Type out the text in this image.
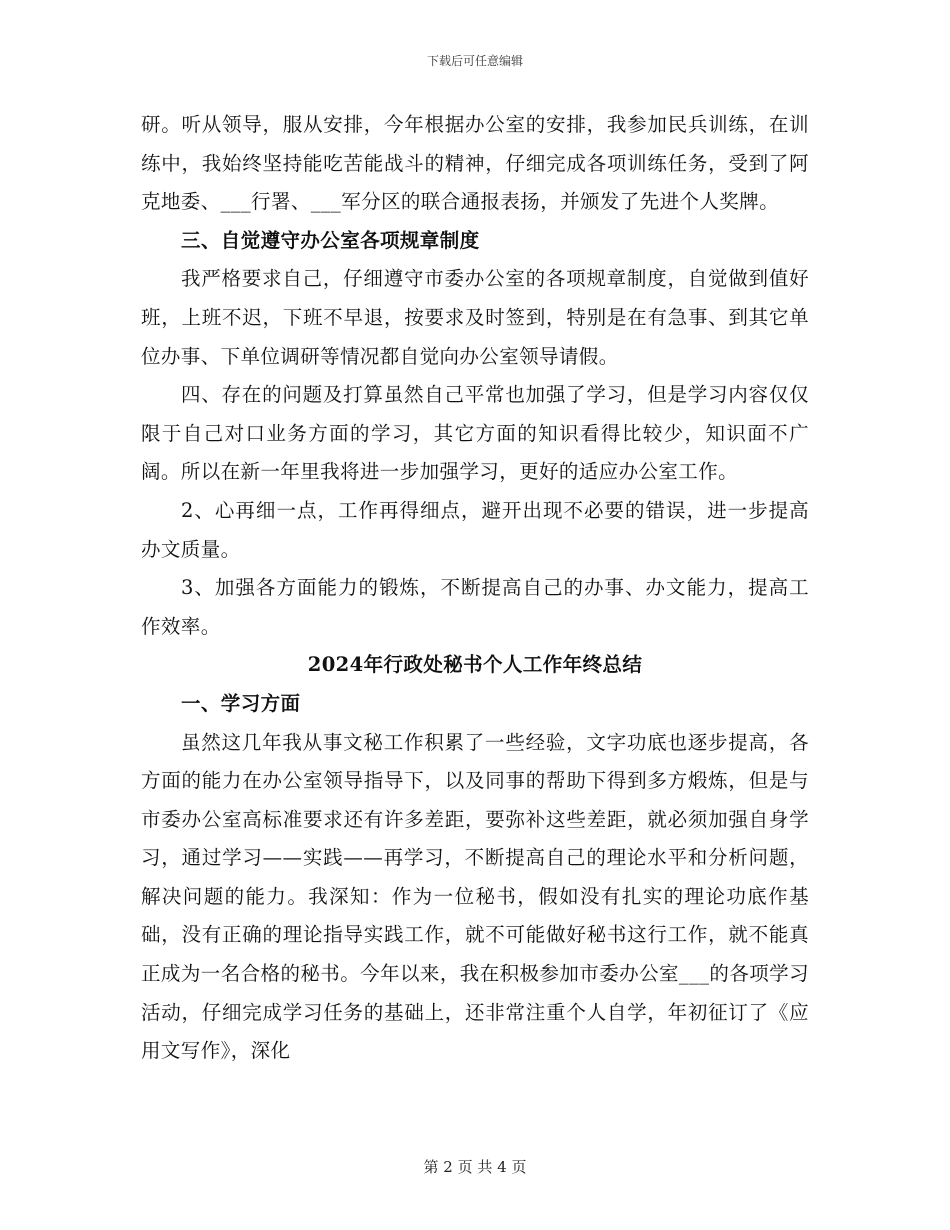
下载后可任意编辑

研。听从领导，服从安排，今年根据办公室的安排，我参加民兵训练，在训练中，我始终坚持能吃苦能战斗的精神，仔细完成各项训练任务，受到了阿克地委、___行署、___军分区的联合通报表扬，并颁发了先进个人奖牌。

三、自觉遵守办公室各项规章制度

我严格要求自己，仔细遵守市委办公室的各项规章制度，自觉做到值好班，上班不迟，下班不早退，按要求及时签到，特别是在有急事、到其它单位办事、下单位调研等情况都自觉向办公室领导请假。

四、存在的问题及打算虽然自己平常也加强了学习，但是学习内容仅仅限于自己对口业务方面的学习，其它方面的知识看得比较少，知识面不广阔。所以在新一年里我将进一步加强学习，更好的适应办公室工作。

2、心再细一点，工作再得细点，避开出现不必要的错误，进一步提高办文质量。

3、加强各方面能力的锻炼，不断提高自己的办事、办文能力，提高工作效率。

2024年行政处秘书个人工作年终总结

一、学习方面

虽然这几年我从事文秘工作积累了一些经验，文字功底也逐步提高，各方面的能力在办公室领导指导下，以及同事的帮助下得到多方煅炼，但是与市委办公室高标准要求还有许多差距，要弥补这些差距，就必须加强自身学习，通过学习——实践——再学习，不断提高自己的理论水平和分析问题，解决问题的能力。我深知：作为一位秘书，假如没有扎实的理论功底作基础，没有正确的理论指导实践工作，就不可能做好秘书这行工作，就不能真正成为一名合格的秘书。今年以来，我在积极参加市委办公室___的各项学习活动，仔细完成学习任务的基础上，还非常注重个人自学，年初征订了《应用文写作》，深化

第 2 页 共 4 页
